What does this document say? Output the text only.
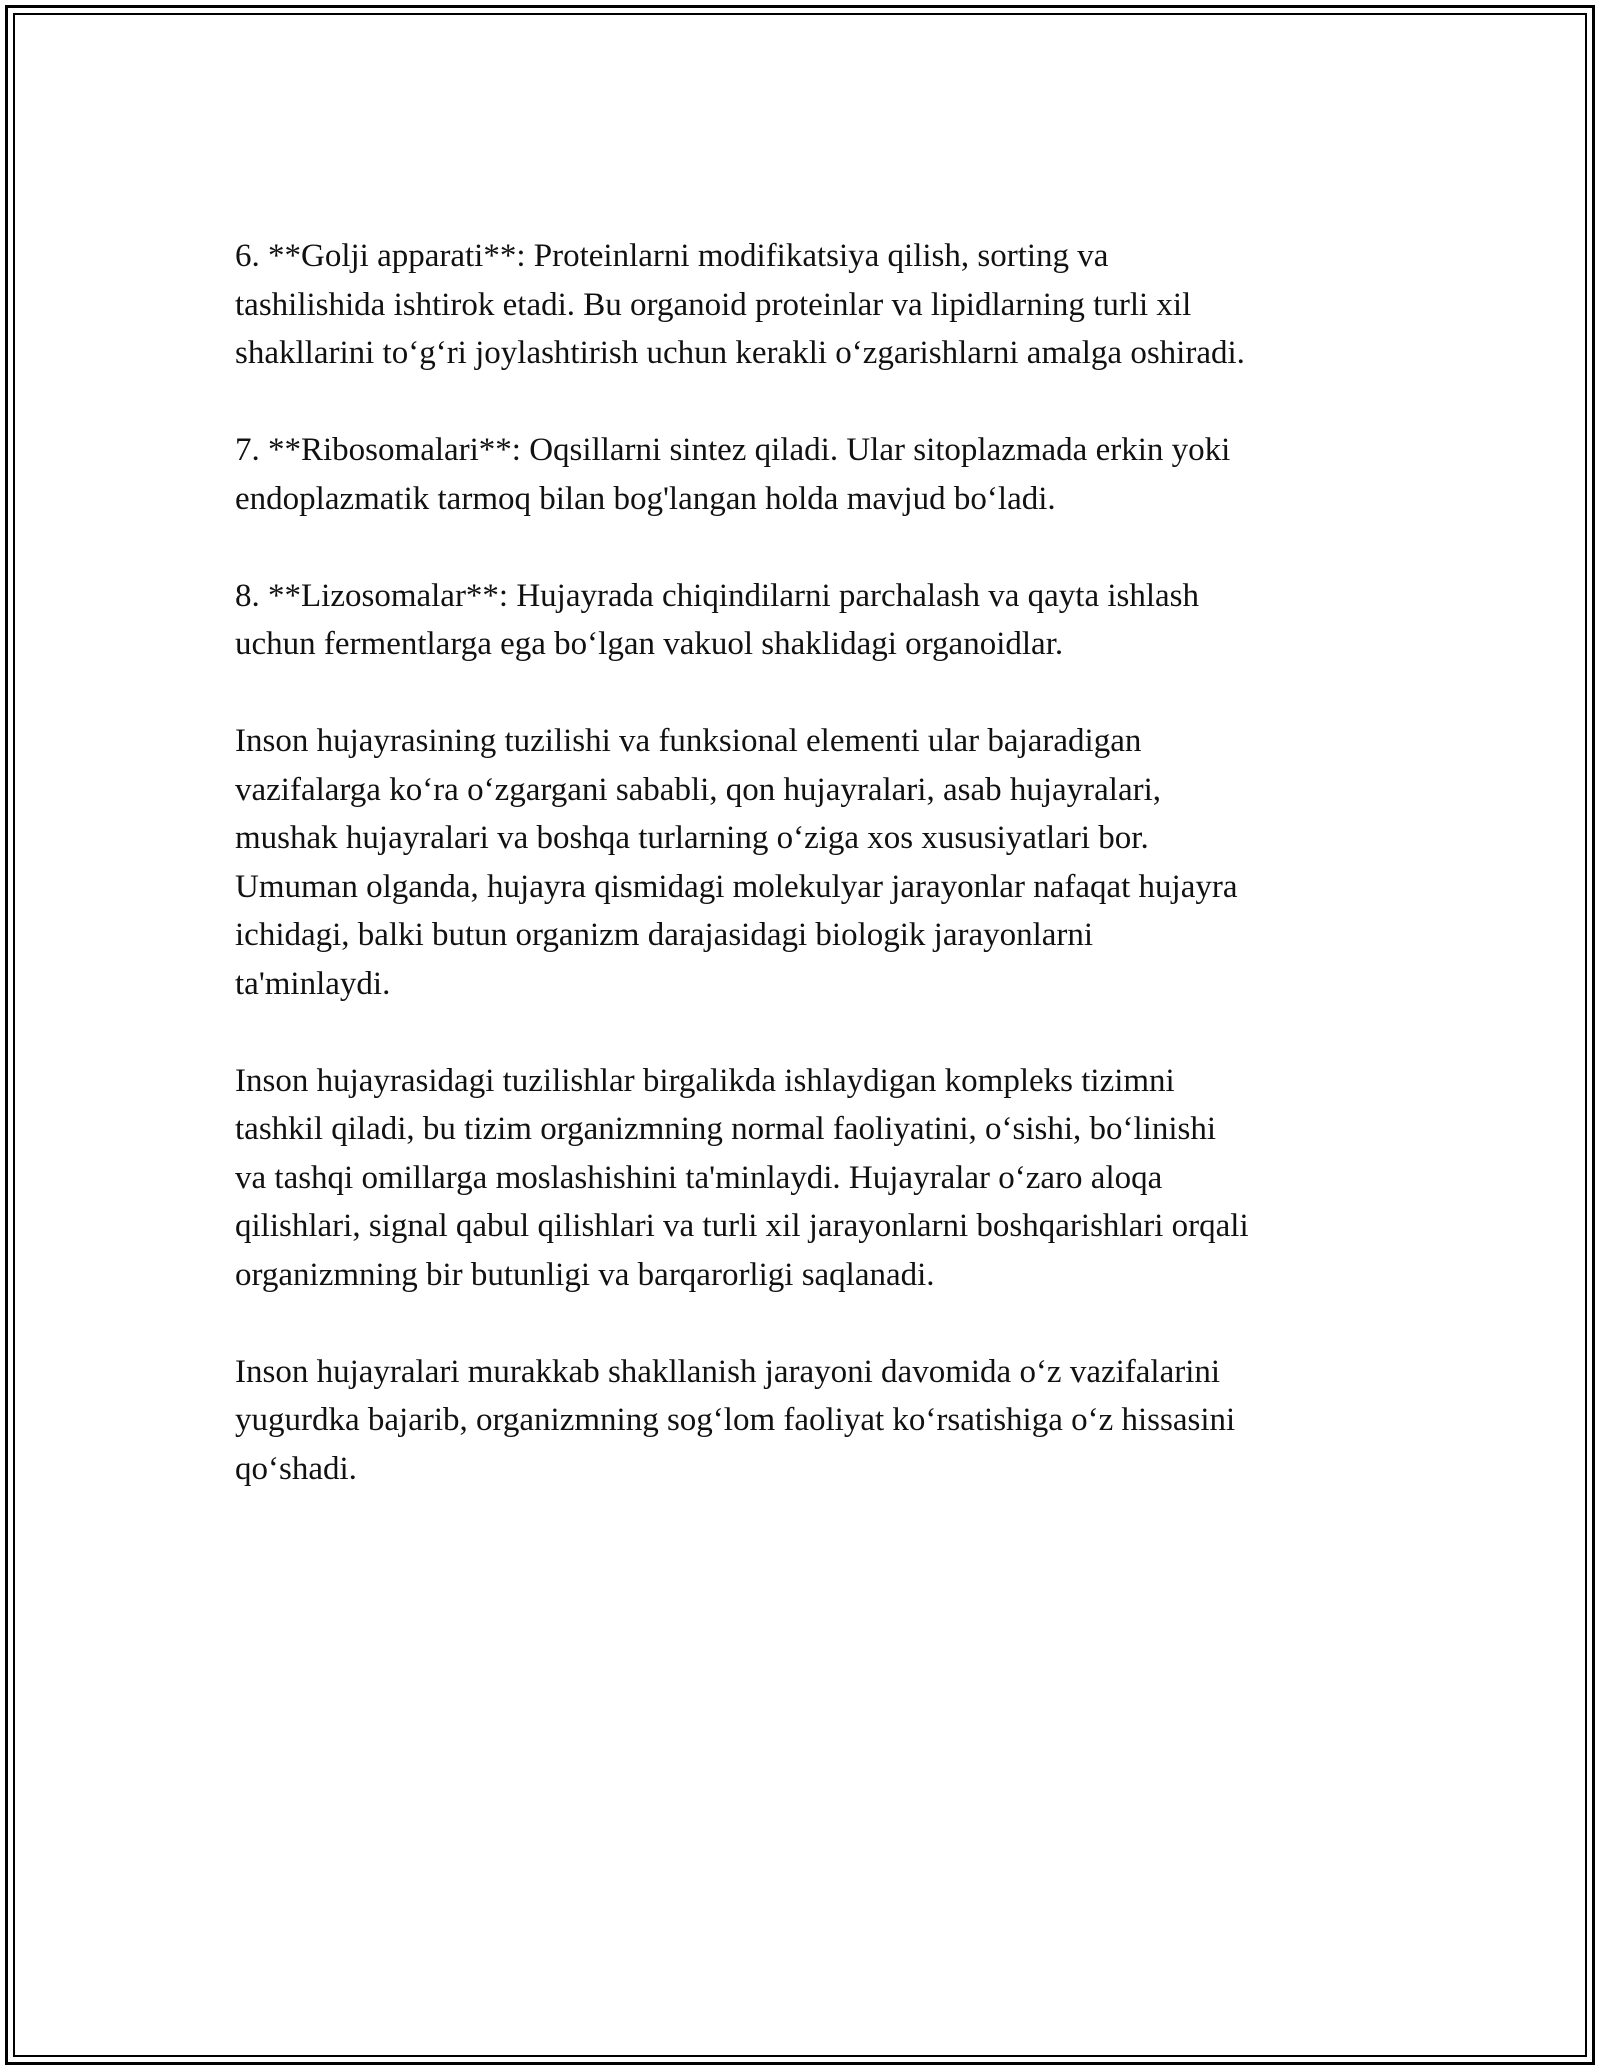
6. **Golji apparati**: Proteinlarni modifikatsiya qilish, sorting va
tashilishida ishtirok etadi. Bu organoid proteinlar va lipidlarning turli xil
shakllarini to‘g‘ri joylashtirish uchun kerakli o‘zgarishlarni amalga oshiradi.

7. **Ribosomalari**: Oqsillarni sintez qiladi. Ular sitoplazmada erkin yoki
endoplazmatik tarmoq bilan bog'langan holda mavjud bo‘ladi.

8. **Lizosomalar**: Hujayrada chiqindilarni parchalash va qayta ishlash
uchun fermentlarga ega bo‘lgan vakuol shaklidagi organoidlar.

Inson hujayrasining tuzilishi va funksional elementi ular bajaradigan
vazifalarga ko‘ra o‘zgargani sababli, qon hujayralari, asab hujayralari,
mushak hujayralari va boshqa turlarning o‘ziga xos xususiyatlari bor.
Umuman olganda, hujayra qismidagi molekulyar jarayonlar nafaqat hujayra
ichidagi, balki butun organizm darajasidagi biologik jarayonlarni
ta'minlaydi.

Inson hujayrasidagi tuzilishlar birgalikda ishlaydigan kompleks tizimni
tashkil qiladi, bu tizim organizmning normal faoliyatini, o‘sishi, bo‘linishi
va tashqi omillarga moslashishini ta'minlaydi. Hujayralar o‘zaro aloqa
qilishlari, signal qabul qilishlari va turli xil jarayonlarni boshqarishlari orqali
organizmning bir butunligi va barqarorligi saqlanadi.

Inson hujayralari murakkab shakllanish jarayoni davomida o‘z vazifalarini
yugurdka bajarib, organizmning sog‘lom faoliyat ko‘rsatishiga o‘z hissasini
qo‘shadi.
